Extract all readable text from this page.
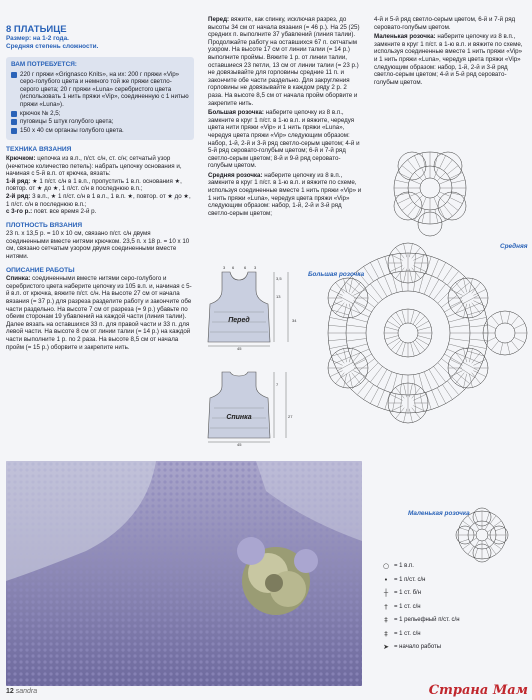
8 ПЛАТЬИЦЕ
Размер: на 1-2 года.
Средняя степень сложности.
ВАМ ПОТРЕБУЕТСЯ:
220 г пряжи «Grignasco Knits», на их: 200 г пряжи «Vip» серо-голубого цвета и немного той же пряжи светло-серого цвета; 20 г пряжи «Luna» серебристого цвета (использовать 1 нить пряжи «Vip», соединенную с 1 нитью пряжи «Luna»).
крючок № 2,5;
пуговицы 5 штук голубого цвета;
150 x 40 см органзы голубого цвета.
ТЕХНИКА ВЯЗАНИЯ
Крючком: цепочка из в.п., п/ст. с/н, ст. с/н; сетчатый узор (нечетное количество петель): набрать цепочку основания и, начиная с 5-й в.п. от крючка, вязать:
1-й ряд: ★ 1 п/ст. с/н в 1 в.п., пропустить 1 в.п. основания ★, повтор. от ★ до ★, 1 п/ст. с/н в последнюю в.п.;
2-й ряд: 3 в.п., ★ 1 п/ст. с/н в 1 в.п., 1 в.п. ★, повтор. от ★ до ★, 1 п/ст. с/н в последнюю в.п.;
с 3-го р.: повт. все время 2-й р.
ПЛОТНОСТЬ ВЯЗАНИЯ
23 п. x 13,5 р. = 10 x 10 см, связано п/ст. с/н двумя соединенными вместе нитями крючком. 23,5 п. x 18 р. = 10 x 10 см, связано сетчатым узором двумя соединенными вместе нитями.
ОПИСАНИЕ РАБОТЫ
Спинка: соединенными вместе нитями серо-голубого и серебристого цвета наберите цепочку из 105 в.п. и, начиная с 5-й в.п. от крючка, вяжите п/ст. с/н. На высоте 27 см от начала вязания (= 37 р.) для разреза разделите работу и закончите обе части раздельно. На высоте 7 см от разреза (= 9 р.) убавьте по обеим сторонам 19 убавлений на каждой части (линия талии). Далее вязать на оставшихся 33 п. для правой части и 33 п. для левой части. На высоте 8 см от линии талии (= 14 р.) на каждой части выполните 1 р. по 2 раза. На высоте 8,5 см от начала пройм (= 15 р.) оборвите и закрепите нить.
Перед: вяжите, как спинку, исключая разрез, до высоты 34 см от начала вязания (= 46 р.). На 25 (25) средних п. выполните 37 убавлений (линия талии). Продолжайте работу на оставшихся 67 п. сетчатым узором. На высоте 17 см от линии талии (= 14 р.) выполните проймы. Вяжите 1 р. от линии талии, оставшиеся 23 петли, 13 см от линии талии (= 23 р.) не довязывайте для горловины средние 11 п. и закончите обе части раздельно. Для закругления горловины не довязывайте в каждом ряду 2 р. 2 раза. На высоте 8,5 см от начала пройм оборвите и закрепите нить.
Большая розочка: наберите цепочку из 8 в.п., замкните в круг 1 п/ст. в 1-ю в.п. и вяжите, чередуя цвета нити пряжи «Vip» и 1 нить пряжи «Luna», чередуя цвета пряжи «Vip» следующим образом: набор, 1-й, 2-й и 3-й ряд светло-серым цветом; 4-й и 5-й ряд серовато-голубым цветом; 6-й и 7-й ряд светло-серым цветом; 8-й и 9-й ряд серовато-голубым цветом.
Средняя розочка: наберите цепочку из 8 в.п., замкните в круг 1 п/ст. в 1-ю в.п. и вяжите по схеме, используя соединенные вместе 1 нить пряжи «Vip» и 1 нить пряжи «Luna», чередуя цвета пряжи «Vip» следующим образом: набор, 1-й, 2-й и 3-й ряд светло-серым цветом;
4-й и 5-й ряд светло-серым цветом, 6-й и 7-й ряд серовато-голубым цветом.
Маленькая розочка: наберите цепочку из 8 в.п., замкните в круг 1 п/ст. в 1-ю в.п. и вяжите по схеме, используя соединенные вместе 1 нить пряжи «Vip» и 1 нить пряжи «Luna», чередуя цвета пряжи «Vip» следующим образом: набор, 1-й, 2-й и 3-й ряд светло-серым цветом; 4-й и 5-й ряд серовато-голубым цветом.
Перед
Спинка
3 6 6 3
45
45
3,5
13
34
7
27
Большая розочка
Средняя
Маленькая розочка
○ = 1 в.п.
• = 1 п/ст. с/н
┼ = 1 ст. б/н
†	= 1 ст. с/н
‡	= 1 рельефный п/ст. с/н
‡	= 1 ст. с/н
➤ = начало работы
12 sandra	Страна Мам
